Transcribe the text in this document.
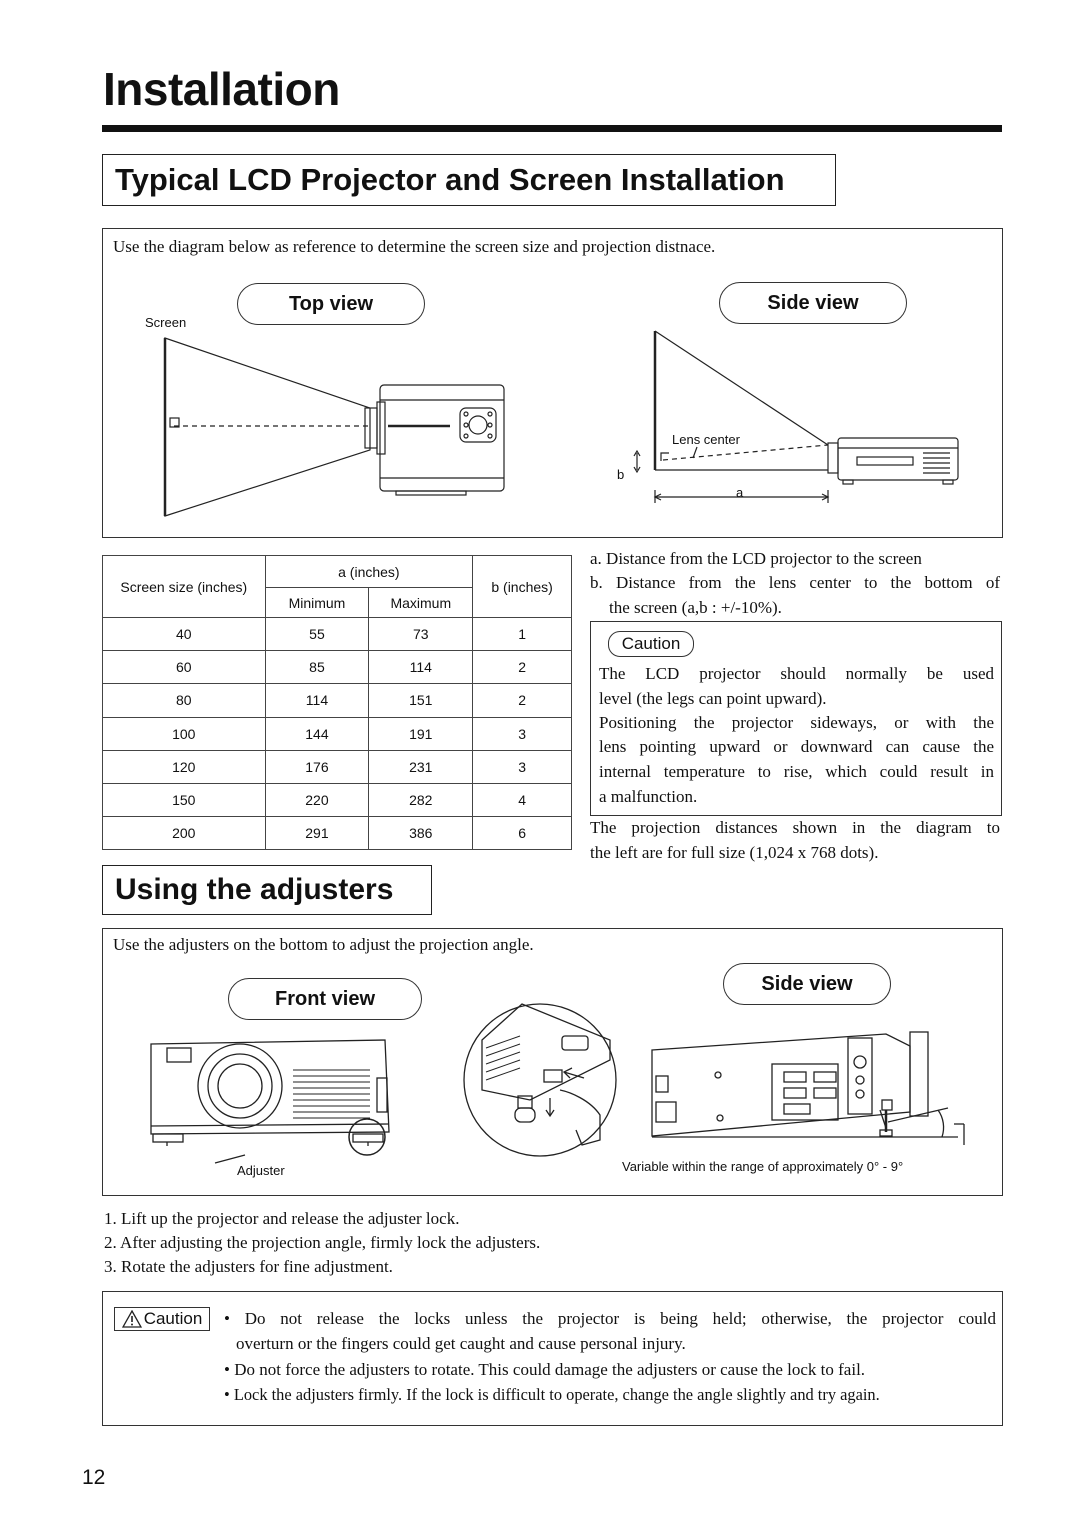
Installation
Typical LCD Projector and Screen Installation
Use the diagram below as reference to determine the screen size and projection distnace.
Top view	Side view
Screen
Lens center
b
a
Screen size (inches)	a (inches)		b (inches)
	Minimum	Maximum	
40	55	73	1
60	85	114	2
80	114	151	2
100	144	191	3
120	176	231	3
150	220	282	4
200	291	386	6
a. Distance from the LCD projector to the screen
b. Distance from the lens center to the bottom of
the screen (a,b : +/-10%).
Caution
The LCD projector should normally be used
level (the legs can point upward).
Positioning the projector sideways, or with the
lens pointing upward or downward can cause the
internal temperature to rise, which could result in
a malfunction.
The projection distances shown in the diagram to
the left are for full size (1,024 x 768 dots).
Using the adjusters
Use the adjusters on the bottom to adjust the projection angle.
Front view
Side view
Adjuster	Variable within the range of approximately 0° - 9°
1. Lift up the projector and release the adjuster lock.
2. After adjusting the projection angle, firmly lock the adjusters.
3. Rotate the adjusters for fine adjustment.
Caution • Do not release the locks unless the projector is being held; otherwise, the projector could
overturn or the fingers could get caught and cause personal injury.
• Do not force the adjusters to rotate. This could damage the adjusters or cause the lock to fail.
• Lock the adjusters firmly. If the lock is difficult to operate, change the angle slightly and try again.
12
